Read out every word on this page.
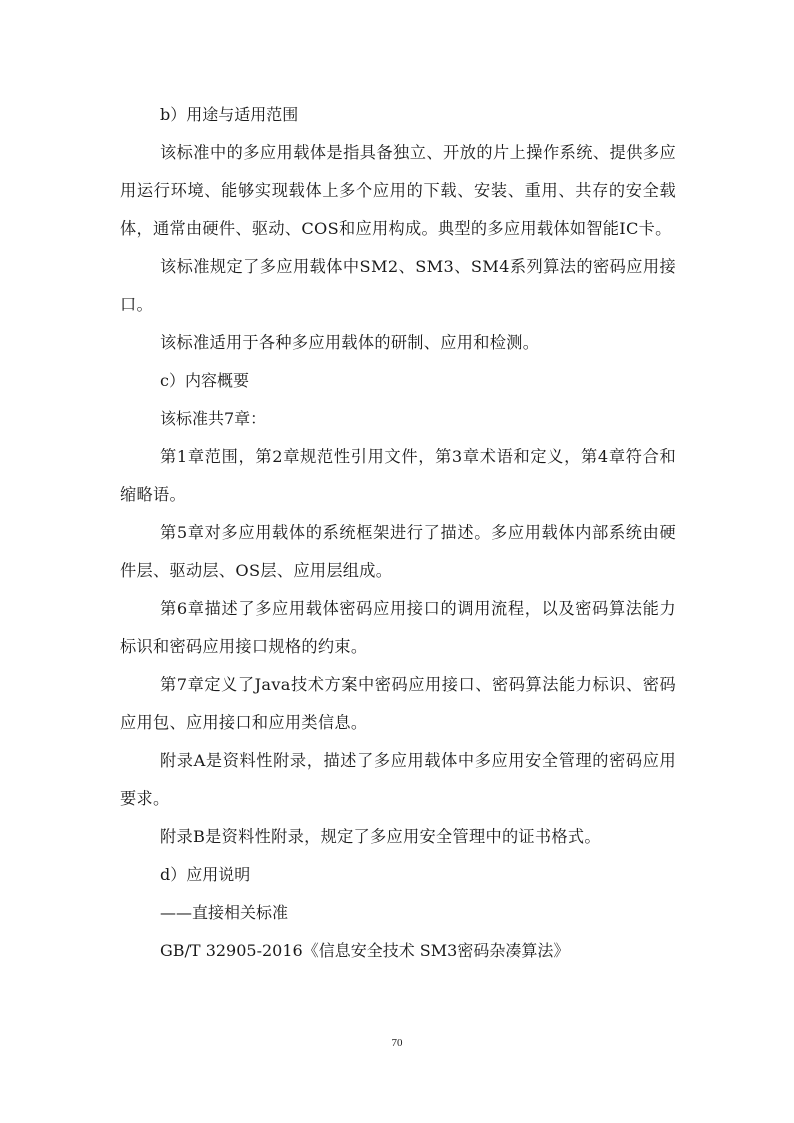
b）用途与适用范围

该标准中的多应用载体是指具备独立、开放的片上操作系统、提供多应用运行环境、能够实现载体上多个应用的下载、安装、重用、共存的安全载体，通常由硬件、驱动、COS和应用构成。典型的多应用载体如智能IC卡。

该标准规定了多应用载体中SM2、SM3、SM4系列算法的密码应用接口。

该标准适用于各种多应用载体的研制、应用和检测。

c）内容概要

该标准共7章：

第1章范围，第2章规范性引用文件，第3章术语和定义，第4章符合和缩略语。

第5章对多应用载体的系统框架进行了描述。多应用载体内部系统由硬件层、驱动层、OS层、应用层组成。

第6章描述了多应用载体密码应用接口的调用流程，以及密码算法能力标识和密码应用接口规格的约束。

第7章定义了Java技术方案中密码应用接口、密码算法能力标识、密码应用包、应用接口和应用类信息。

附录A是资料性附录，描述了多应用载体中多应用安全管理的密码应用要求。

附录B是资料性附录，规定了多应用安全管理中的证书格式。

d）应用说明

——直接相关标准

GB/T 32905-2016《信息安全技术 SM3密码杂凑算法》

70
